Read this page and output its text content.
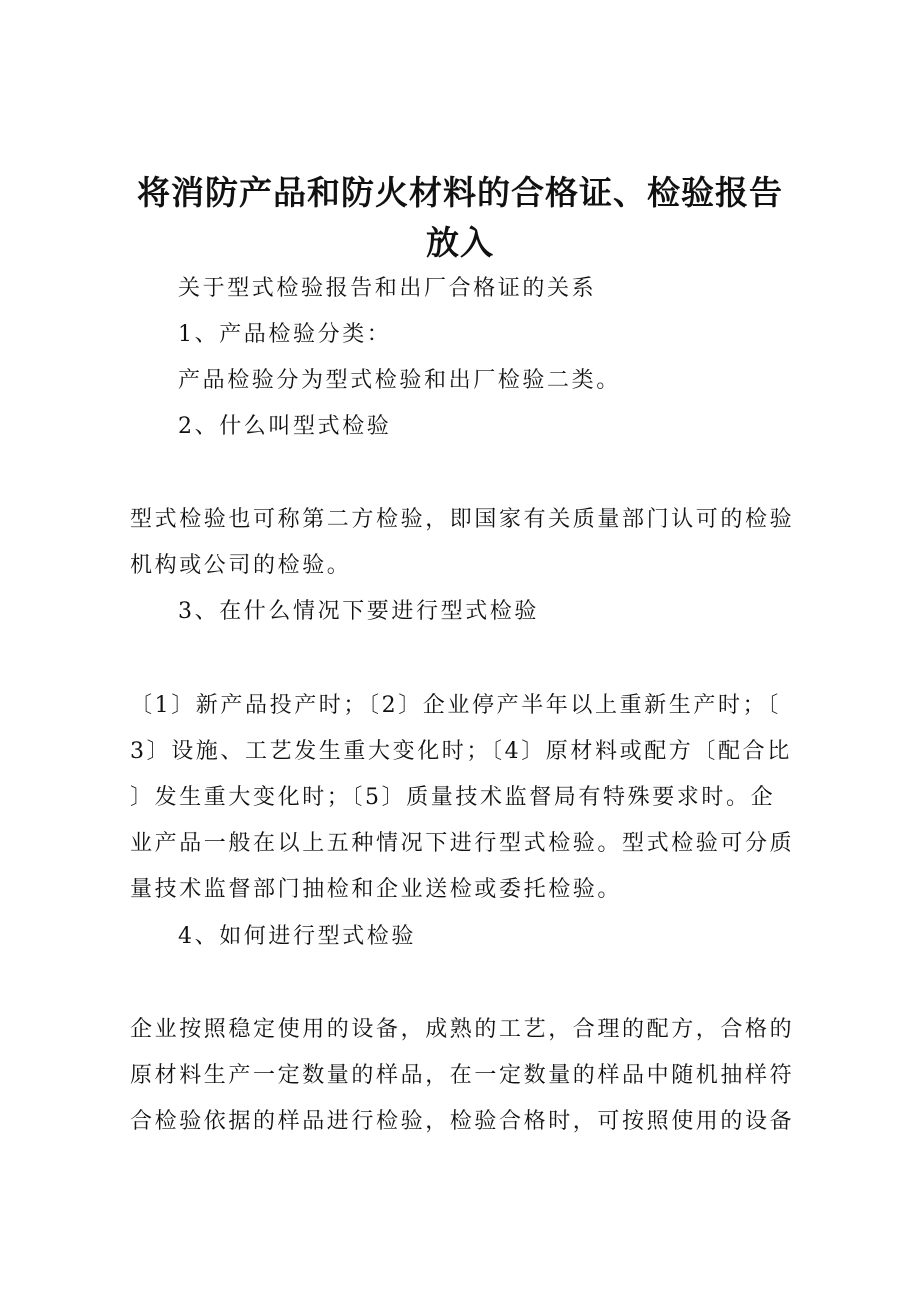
将消防产品和防火材料的合格证、检验报告
放入

关于型式检验报告和出厂合格证的关系

1、产品检验分类：

产品检验分为型式检验和出厂检验二类。

2、什么叫型式检验

型式检验也可称第二方检验，即国家有关质量部门认可的检验
机构或公司的检验。

3、在什么情况下要进行型式检验

〔1〕新产品投产时；〔2〕企业停产半年以上重新生产时；〔
3〕设施、工艺发生重大变化时；〔4〕原材料或配方〔配合比
〕发生重大变化时；〔5〕质量技术监督局有特殊要求时。企
业产品一般在以上五种情况下进行型式检验。型式检验可分质
量技术监督部门抽检和企业送检或委托检验。

4、如何进行型式检验

企业按照稳定使用的设备，成熟的工艺，合理的配方，合格的
原材料生产一定数量的样品，在一定数量的样品中随机抽样符
合检验依据的样品进行检验，检验合格时，可按照使用的设备
